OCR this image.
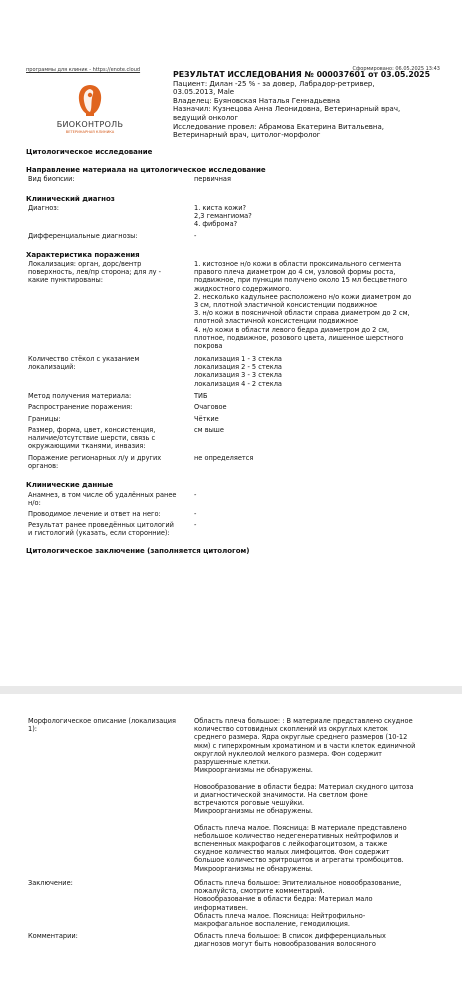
программы для клиник - https://enote.cloud	Сформировано: 06.05.2025 13:43
БИОКОНТРОЛЬ
ВЕТЕРИНАРНАЯ КЛИНИКА
РЕЗУЛЬТАТ ИССЛЕДОВАНИЯ № 000037601 от 03.05.2025
Пациент: Дилан -25 % - за довер, Лабрадор-ретривер,
03.05.2013, Male
Владелец: Буяновская Наталья Геннадьевна
Назначил: Кузнецова Анна Леонидовна, Ветеринарный врач,
ведущий онколог
Исследование провел: Абрамова Екатерина Витальевна,
Ветеринарный врач, цитолог-морфолог
Цитологическое исследование
Направление материала на цитологическое исследование
Вид биопсии:	первичная
Клинический диагноз
Диагноз:	1. киста кожи?
2,3 гемангиома?
4. фиброма?
Дифференциальные диагнозы:	-
Характеристика поражения
Локализация: орган, дорс/вентр
поверхность, лев/пр сторона; для лу -
какие пунктированы:
1. кистозное н/о кожи в области проксимального сегмента
правого плеча диаметром до 4 см, узловой формы роста,
подвижное, при пункции получено около 15 мл бесцветного
жидкостного содержимого.
2. несколько кадульнее расположено н/о кожи диаметром до
3 см, плотной эластичной консистенции подвижное
3. н/о кожи в поясничной области справа диаметром до 2 см,
плотной эластичной консистенции подвижное
4. н/о кожи в области левого бедра диаметром до 2 см,
плотное, подвижное, розового цвета, лишенное шерстного
покрова
Количество стёкол с указанием
локализаций:
локализация 1 - 3 стекла
локализация 2 - 5 стекла
локализация 3 - 3 стекла
локализация 4 - 2 стекла
Метод получения материала:	ТИБ
Распространение поражения:	Очаговое
Границы:	Чёткие
Размер, форма, цвет, консистенция,
наличие/отсутствие шерсти, связь с
окружающими тканями, инвазия:
см выше
Поражение регионарных л/у и других
органов:
не определяется
Клинические данные
Анамнез, в том числе об удалённых ранее
н/о:
-
Проводимое лечение и ответ на него:	-
Результат ранее проведённых цитологий
и гистологий (указать, если сторонние):
-
Цитологическое заключение (заполняется цитологом)
Морфологическое описание (локализация
1):
Область плеча большое: : В материале представлено скудное
количество сотовидных скоплений из округлых клеток
среднего размера. Ядра округлые среднего размеров (10-12
мкм) с гиперхромным хроматином и в части клеток единичной
округлой нуклеолой мелкого размера. Фон содержит
разрушенные клетки.
Микроорганизмы не обнаружены.
Новообразование в области бедра: Материал скудного цитоза
и диагностической значимости. На светлом фоне
встречаются роговые чешуйки.
Микроорганизмы не обнаружены.
Область плеча малое. Поясница: В материале представлено
небольшое количество недегенеративных нейтрофилов и
вспененных макрофагов с лейкофагоцитозом, а также
скудное количество малых лимфоцитов. Фон содержит
большое количество эритроцитов и агрегаты тромбоцитов.
Микроорганизмы не обнаружены.
Заключение:	Область плеча большое: Эпителиальное новообразование,
пожалуйста, смотрите комментарий.
Новообразование в области бедра: Материал мало
информативен.
Область плеча малое. Поясница: Нейтрофильно-
макрофагальное воспаление, гемодилюция.
Комментарии:	Область плеча большое: В список дифференциальных
диагнозов могут быть новообразования волосяного
